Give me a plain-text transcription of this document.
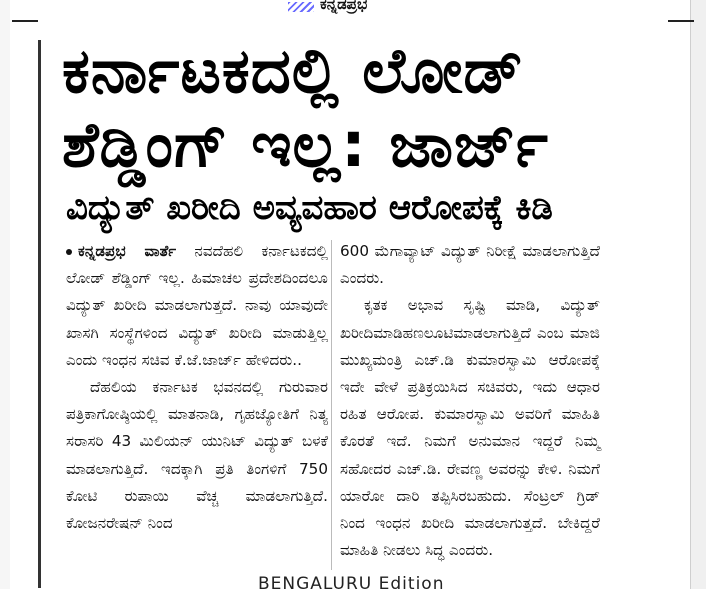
ಕನ್ನಡಪ್ರಭ
ಕರ್ನಾಟಕದಲ್ಲಿ ಲೋಡ್
ಶೆಡ್ಡಿಂಗ್ ಇಲ್ಲ: ಜಾರ್ಜ್
ವಿದ್ಯುತ್ ಖರೀದಿ ಅವ್ಯವಹಾರ ಆರೋಪಕ್ಕೆ ಕಿಡಿ

ಕನ್ನಡಪ್ರಭ ವಾರ್ತೆ ನವದೆಹಲಿ ಕರ್ನಾಟಕದಲ್ಲಿ ಲೋಡ್ ಶೆಡ್ಡಿಂಗ್ ಇಲ್ಲ. ಹಿಮಾಚಲ ಪ್ರದೇಶದಿಂದಲೂ ವಿದ್ಯುತ್ ಖರೀದಿ ಮಾಡಲಾಗುತ್ತದೆ. ನಾವು ಯಾವುದೇ ಖಾಸಗಿ ಸಂಸ್ಥೆಗಳಿಂದ ವಿದ್ಯುತ್ ಖರೀದಿ ಮಾಡುತ್ತಿಲ್ಲ ಎಂದು ಇಂಧನ ಸಚಿವ ಕೆ.ಜೆ.ಜಾರ್ಜ್ ಹೇಳಿದರು..

ದೆಹಲಿಯ ಕರ್ನಾಟಕ ಭವನದಲ್ಲಿ ಗುರುವಾರ ಪತ್ರಿಕಾಗೋಷ್ಠಿಯಲ್ಲಿ ಮಾತನಾಡಿ, ಗೃಹಜ್ಯೋತಿಗೆ ನಿತ್ಯ ಸರಾಸರಿ 43 ಮಿಲಿಯನ್ ಯುನಿಟ್ ವಿದ್ಯುತ್ ಬಳಕೆ ಮಾಡಲಾಗುತ್ತಿದೆ. ಇದಕ್ಕಾಗಿ ಪ್ರತಿ ತಿಂಗಳಿಗೆ 750 ಕೋಟಿ ರುಪಾಯಿ ವೆಚ್ಚ ಮಾಡಲಾಗುತ್ತಿದೆ. ಕೋಜನರೇಷನ್ ನಿಂದ

600 ಮೆಗಾವ್ಯಾಟ್ ವಿದ್ಯುತ್ ನಿರೀಕ್ಷೆ ಮಾಡಲಾಗುತ್ತಿದೆ ಎಂದರು.

ಕೃತಕ ಅಭಾವ ಸೃಷ್ಟಿ ಮಾಡಿ, ವಿದ್ಯುತ್ ಖರೀದಿಮಾಡಿಹಣಲೂಟಿಮಾಡಲಾಗುತ್ತಿದೆ ಎಂಬ ಮಾಜಿ ಮುಖ್ಯಮಂತ್ರಿ ಎಚ್.ಡಿ ಕುಮಾರಸ್ವಾಮಿ ಆರೋಪಕ್ಕೆ ಇದೇ ವೇಳೆ ಪ್ರತಿಕ್ರಯಿಸಿದ ಸಚಿವರು, ಇದು ಆಧಾರ ರಹಿತ ಆರೋಪ. ಕುಮಾರಸ್ವಾಮಿ ಅವರಿಗೆ ಮಾಹಿತಿ ಕೊರತೆ ಇದೆ. ನಿಮಗೆ ಅನುಮಾನ ಇದ್ದರೆ ನಿಮ್ಮ ಸಹೋದರ ಎಚ್.ಡಿ. ರೇವಣ್ಣ ಅವರನ್ನು ಕೇಳಿ. ನಿಮಗೆ ಯಾರೋ ದಾರಿ ತಪ್ಪಿಸಿರಬಹುದು. ಸೆಂಟ್ರಲ್ ಗ್ರಿಡ್ ನಿಂದ ಇಂಧನ ಖರೀದಿ ಮಾಡಲಾಗುತ್ತದೆ. ಬೇಕಿದ್ದರೆ ಮಾಹಿತಿ ನೀಡಲು ಸಿದ್ಧ ಎಂದರು.

BENGALURU Edition
